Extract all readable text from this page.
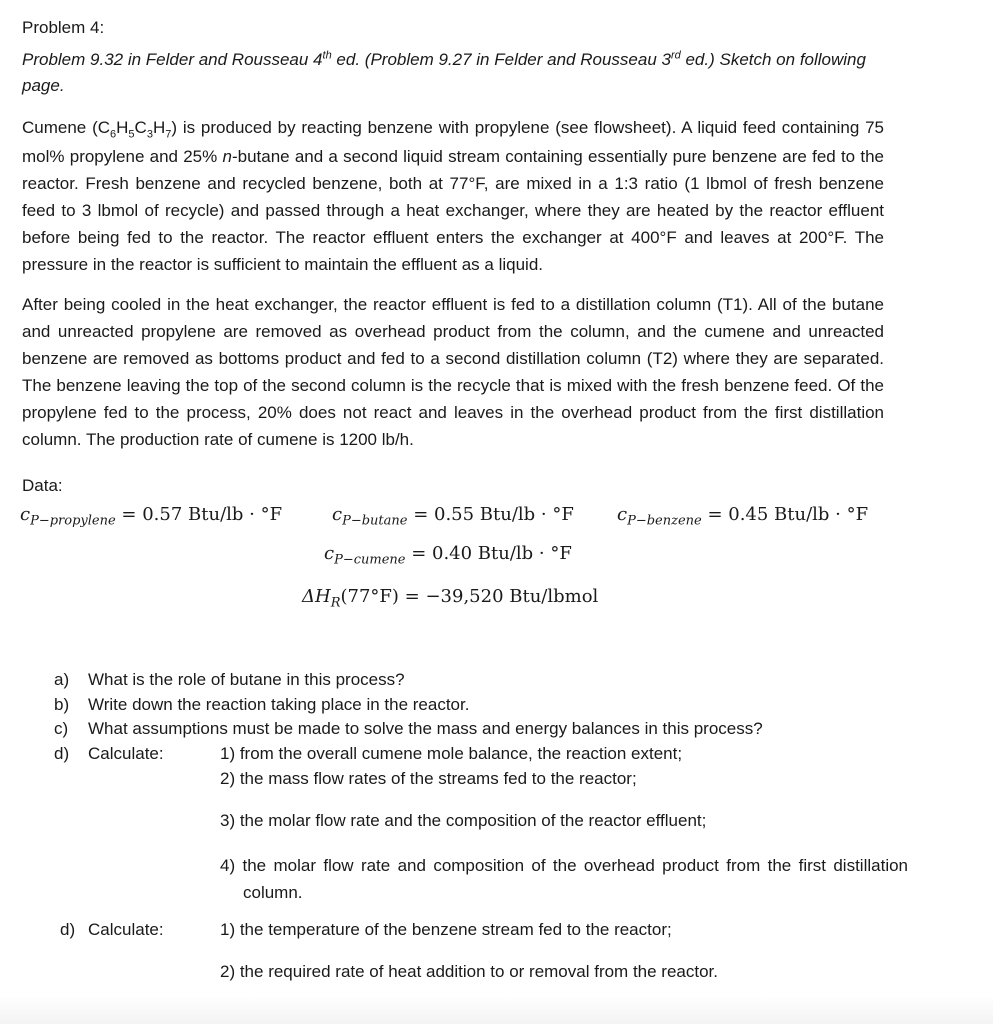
Problem 4:

Problem 9.32 in Felder and Rousseau 4th ed. (Problem 9.27 in Felder and Rousseau 3rd ed.) Sketch on following page.

Cumene $(C_6H_5C_3H_7)$ is produced by reacting benzene with propylene (see flowsheet). A liquid feed containing 75 mol% propylene and 25% n-butane and a second liquid stream containing essentially pure benzene are fed to the reactor. Fresh benzene and recycled benzene, both at 77°F, are mixed in a 1:3 ratio (1 lbmol of fresh benzene feed to 3 lbmol of recycle) and passed through a heat exchanger, where they are heated by the reactor effluent before being fed to the reactor. The reactor effluent enters the exchanger at 400°F and leaves at 200°F. The pressure in the reactor is sufficient to maintain the effluent as a liquid.

After being cooled in the heat exchanger, the reactor effluent is fed to a distillation column (T1). All of the butane and unreacted propylene are removed as overhead product from the column, and the cumene and unreacted benzene are removed as bottoms product and fed to a second distillation column (T2) where they are separated. The benzene leaving the top of the second column is the recycle that is mixed with the fresh benzene feed. Of the propylene fed to the process, 20% does not react and leaves in the overhead product from the first distillation column. The production rate of cumene is 1200 lb/h.

Data:
$c_{P-propylene} = 0.57$ Btu/lb · °F	$c_{P-butane} = 0.55$ Btu/lb · °F $c_{P-benzene} = 0.45$ Btu/lb · °F
$c_{P-cumene} = 0.40$ Btu/lb · °F
$\Delta H_R(77^\circ F) = -39,520$ Btu/lbmol
a) What is the role of butane in this process?
b) Write down the reaction taking place in the reactor.
c) What assumptions must be made to solve the mass and energy balances in this process?
d) Calculate:	1) from the overall cumene mole balance, the reaction extent;
2) the mass flow rates of the streams fed to the reactor;
3) the molar flow rate and the composition of the reactor effluent;
4) the molar flow rate and composition of the overhead product from the first distillation column.
d) Calculate:	1) the temperature of the benzene stream fed to the reactor;
2) the required rate of heat addition to or removal from the reactor.
